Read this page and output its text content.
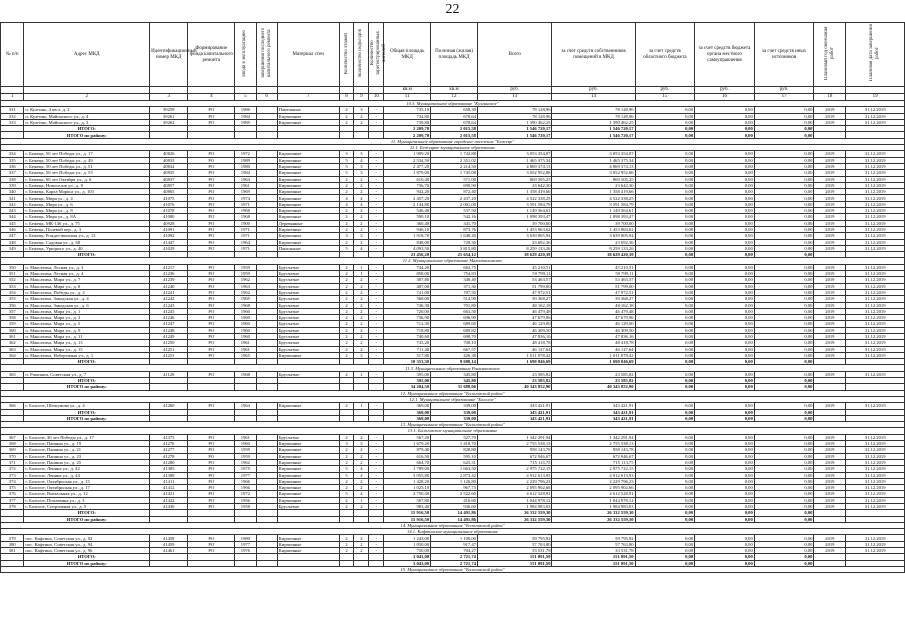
22
№ п/п	Адрес МКД	Идентификационный номер МКД	Формирование фонда капитального ремонта	ввода в эксплуатацию	завершения последнего капитального ремонта	Материал стен	Количество этажей	Количество подъездов	Количество зарегистрированных жителей	Общая площадь МКД	Полезная (жилая) площадь МКД	Всего	за счет средств собственников помещений в МКД	за счет средств областного бюджета	за счет средств бюджета органа местного самоуправления	за счет средств иных источников	Плановый год окончания работ	Плановая дата завершения работ
										кв.м	кв.м	руб.	руб.	руб.	руб.	руб.		
1	2	3	4	5	6	7	8	9	10	11	12	13	14	15	16	17	18	19
10.3. Муниципальное образование "Кулгинское"																		
331	п. Кулгино, 4 кв-л, д. 2	39259	РО	1986		Панельные	2	3	-	735,10	658,30	78 128,96	78 128,96	0,00	0,00	0,00	2019	31.12.2019
332	п. Кулгино, Майонского ул., д. 4	39261	РО	1984		Кирпичные	2	2	-	734,80	678,64	78 128,96	78 128,96	0,00	0,00	0,00	2019	31.12.2019
333	п. Кулгино, Майонского ул., д. 3	39262	РО	1985		Кирпичные	2	2	-	739,80	678,64	1 390 462,25	1 390 462,25	0,00	0,00	0,00	2019	31.12.2019
	ИТОГО:									2 209,70	2 015,58	1 546 720,17	1 546 720,17	0,00	0,00	0,00		
	ИТОГО по району:									2 209,70	2 015,58	1 546 720,17	1 546 720,17	0,00	0,00	0,00		
11. Муниципальное образование городское поселение "Бежецк"																		
11.1. Бежецкое муниципальное образование																		
334	г. Бежецк, 50 лет Победы ул., д. 17	40826	РО	1972		Кирпичные	3	3	-	1 909,20	1 742,88	3 053 354,07	3 053 354,07	0,00	0,00	0,00	2019	31.12.2019
335	г. Бежецк, 50 лет Победы ул., д. 49	40833	РО	1989		Кирпичные	5	4	-	2 534,50	2 351,02	1 465 375,34	1 465 375,34	0,00	0,00	0,00	2019	31.12.2019
336	г. Бежецк, 50 лет Победы ул., д. 51	40834	РО	1980		Кирпичные	5	3	-	2 477,20	2 214,50	4 869 374,13	4 869 374,13	0,00	0,00	0,00	2019	31.12.2019
337	г. Бежецк, 50 лет Победы ул., д. 53	40835	РО	1984		Кирпичные	5	3	-	1 879,00	1 745,08	3 052 952,86	3 052 952,86	0,00	0,00	0,00	2019	31.12.2019
338	г. Бежецк, 60 лет Октября ул., д. 6	40837	РО	1964		Кирпичные	2	2	-	610,40	571,00	869 505,25	869 505,25	0,00	0,00	0,00	2019	31.12.2019
339	г. Бежецк, Новоселов ул., д. 8	40857	РО	1961		Кирпичные	2	2	-	736,70	690,90	23 642,30	23 642,30	0,00	0,00	0,00	2019	31.12.2019
340	г. Бежецк, Карла Маркса ул., д. 103	40865	РО	1969		Кирпичные	2	2	-	932,20	872,40	1 358 419,66	1 358 419,66	0,00	0,00	0,00	2019	31.12.2019
341	г. Бежецк, Мира ул., д. 4	41075	РО	1974		Кирпичные	4	4	-	2 457,20	2 437,20	4 522 338,25	4 522 338,25	0,00	0,00	0,00	2019	31.12.2019
342	г. Бежецк, Мира ул., д. 6	41076	РО	1971		Кирпичные	4	4	-	2 144,80	2 001,00	3 591 584,79	3 591 584,79	0,00	0,00	0,00	2019	31.12.2019
343	г. Бежецк, Мира ул., д. 8	41078	РО	1968		Кирпичные	2	2	-	546,40	537,50	1 149 364,61	1 149 364,61	0,00	0,00	0,00	2019	31.12.2019
344	г. Бежецк, Мира ул., д. 8А	41080	РО	1968		Кирпичные	2	2	-	590,10	542,16	1 098 393,47	1 098 393,47	0,00	0,00	0,00	2019	31.12.2019
345	г. Бежецк, МК-136 ул., д. 75	40928	РО	1900		Деревянные	2	2	-	360,40	341,70	39 700,00	39 700,00	0,00	0,00	0,00	2019	31.12.2019
346	г. Бежецк, Полевой пер., д. 3	41091	РО	1971		Кирпичные	2	2	-	946,10	873,76	1 453 963,62	1 453 963,62	0,00	0,00	0,00	2019	31.12.2019
347	г. Бежецк, Рождественская ул., д. 13	41092	РО	1971		Кирпичные	3	3	-	1 918,70	1 648,20	3 639 805,94	3 639 805,94	0,00	0,00	0,00	2019	31.12.2019
348	г. Бежецк, Садовая ул., д. 68	41447	РО	1964		Кирпичные	2	2	-	848,00	720,30	23 692,36	23 692,36	0,00	0,00	0,00	2019	31.12.2019
349	г. Бежецк, Урицкого ул., д. 40	41029	РО	1971		Панельные	5	4	-	4 093,50	3 815,80	8 259 133,26	8 259 133,26	0,00	0,00	0,00	2019	31.12.2019
	ИТОГО:									23 456,20	21 654,12	38 629 420,39	38 629 420,39	0,00	0,00	0,00		
11.2. Муниципальное образование Максатихинское																		
350	п. Максатиха, Лесная ул., д. 3	41217	РО	1959		Брусчатые	2	1	-	744,20	662,75	45 210,51	45 210,51	0,00	0,00	0,00	2019	31.12.2019
351	п. Максатиха, Лесная ул., д. 4	41236	РО	1959		Брусчатые	2	1	-	858,00	754,83	59 799,11	59 799,11	0,00	0,00	0,00	2019	31.12.2019
352	п. Максатиха, Мира ул., д. 7	41239	РО	1962		Брусчатые	2	2	-	387,80	348,40	53 463,57	53 463,57	0,00	0,00	0,00	2019	31.12.2019
353	п. Максатиха, Мира ул., д. 8	41240	РО	1963		Брусчатые	2	2	-	407,00	371,30	51 799,00	51 799,00	0,00	0,00	0,00	2019	31.12.2019
354	п. Максатиха, Победы ул., д. 2	41241	РО	1962		Брусчатые	2	2	-	741,00	707,50	47 972,51	47 972,51	0,00	0,00	0,00	2019	31.12.2019
355	п. Максатиха, Заводская ул., д. 4	41242	РО	1965		Брусчатые	2	2	-	568,00	514,90	39 368,27	39 368,27	0,00	0,00	0,00	2019	31.12.2019
356	п. Максатиха, Заводская ул., д. 6	41243	РО	1968		Брусчатые	2	2	-	746,30	701,80	48 162,18	48 162,18	0,00	0,00	0,00	2019	31.12.2019
357	п. Максатиха, Мира ул., д. 1	41245	РО	1960		Брусчатые	2	2	-	720,00	663,50	46 479,48	46 479,48	0,00	0,00	0,00	2019	31.12.2019
358	п. Максатиха, Мира ул., д. 3	41246	РО	1960		Брусчатые	2	2	-	736,90	696,90	47 679,96	47 679,96	0,00	0,00	0,00	2019	31.12.2019
359	п. Максатиха, Мира ул., д. 5	41247	РО	1960		Брусчатые	2	2	-	712,30	689,60	46 129,00	46 129,00	0,00	0,00	0,00	2019	31.12.2019
360	п. Максатиха, Мира ул., д. 9	41248	РО	1960		Брусчатые	2	2	-	718,80	689,82	46 309,50	46 309,50	0,00	0,00	0,00	2019	31.12.2019
361	п. Максатиха, Мира ул., д. 11	41249	РО	1960		Брусчатые	2	2	-	740,60	698,70	47 836,16	47 836,16	0,00	0,00	0,00	2019	31.12.2019
362	п. Максатиха, Мира ул., д. 13	41250	РО	1961		Брусчатые	2	2	-	743,20	700,10	48 418,78	48 418,78	0,00	0,00	0,00	2019	31.12.2019
363	п. Максатиха, Мира ул., д. 15	41251	РО	1961		Брусчатые	2	2	-	711,40	667,57	46 127,64	46 127,64	0,00	0,00	0,00	2019	31.12.2019
364	п. Максатиха, Набережная ул., д. 1	41253	РО	1965		Кирпичные	2	3	-	517,80	426,38	1 011 078,42	1 011 078,42	0,00	0,00	0,00	2019	31.12.2019
	ИТОГО:									10 353,30	9 688,14	1 690 846,69	1 690 846,69	0,00	0,00	0,00		
11.3. Муниципальное образование Рамешковское																		
365	п. Рамешки, Советская ул., д. 7	41128	РО	1968		Брусчатые	2	1	-	395,00	345,80	23 585,82	23 585,82	0,00	0,00	0,00	2019	31.12.2019
	ИТОГО:									395,00	345,80	23 585,82	23 585,82	0,00	0,00	0,00		
	ИТОГО по району:									34 204,50	31 688,06	40 343 852,90	40 343 852,90	0,00	0,00	0,00		
12. Муниципальное образование "Бологовский район"																		
12.1. Муниципальное образование "Бологое"																		
366	г. Бологое, Шешумова ул., д. 4	41260	РО	1964		Кирпичные	2	1	-	369,00	339,00	343 421,91	343 421,91	0,00	0,00	0,00	2019	31.12.2019
	ИТОГО:									369,00	339,00	343 421,91	343 421,91	0,00	0,00	0,00		
	ИТОГО по району:									369,00	339,00	343 421,91	343 421,91	0,00	0,00	0,00		
13. Муниципальное образование "Бологовский район"																		
13.1. Бологовское муниципальное образование																		
367	г. Бологое, 30 лет Победы ул., д. 17	41375	РО	1961		Брусчатые	2	2	-	567,20	527,70	1 342 291,94	1 342 291,94	0,00	0,00	0,00	2019	31.12.2019
368	г. Бологое, Пашина ул., д. 19	41276	РО	1960		Кирпичные	3	3	-	1 679,20	1 418,70	2 755 538,13	2 755 538,13	0,00	0,00	0,00	2019	31.12.2019
369	г. Бологое, Пашина ул., д. 21	41277	РО	1959		Кирпичные	2	2	-	879,40	828,80	958 143,78	958 143,78	0,00	0,00	0,00	2019	31.12.2019
370	г. Бологое, Пашина ул., д. 23	41278	РО	1959		Кирпичные	2	2	-	616,50	595,10	672 946,67	672 946,67	0,00	0,00	0,00	2019	31.12.2019
371	г. Бологое, Пашина ул., д. 25	41280	РО	1962		Кирпичные	2	2	-	664,70	625,31	715 113,75	715 113,75	0,00	0,00	0,00	2019	31.12.2019
372	г. Бологое, Ленина ул., д. 42	41385	РО	1975		Кирпичные	5	4	-	1 789,00	1 663,50	2 975 722,15	2 975 722,15	0,00	0,00	0,00	2019	31.12.2019
373	г. Бологое, Ленина ул., д. 44	41388	РО	1977		Кирпичные	5	4	-	3 055,80	2 873,42	4 912 613,93	4 912 613,93	0,00	0,00	0,00	2019	31.12.2019
374	г. Бологое, Октябрьская ул., д. 15	41411	РО	1966		Кирпичные	2	2	-	1 428,20	1 126,80	2 229 796,23	2 229 796,23	0,00	0,00	0,00	2019	31.12.2019
375	г. Бологое, Октябрьская ул., д. 17	41412	РО	1966		Кирпичные	2	2	-	1 025,10	967,73	2 095 902,66	2 095 902,66	0,00	0,00	0,00	2019	31.12.2019
376	г. Бологое, Вокзальная ул., д. 12	41421	РО	1972		Кирпичные	5	4	-	2 750,40	2 522,60	4 612 528,91	4 612 528,91	0,00	0,00	0,00	2019	31.12.2019
377	г. Бологое, Поплевина ул., д. 3	41422	РО	1956		Кирпичные	2	1	-	567,80	416,60	1 044 978,12	1 044 978,12	0,00	0,00	0,00	2019	31.12.2019
378	г. Бологое, Спортивная ул., д. 5	41430	РО	1958		Брусчатые	2	2	-	983,40	936,60	1 984 983,03	1 984 983,03	0,00	0,00	0,00	2019	31.12.2019
	ИТОГО:									15 916,50	14 491,86	26 332 559,30	26 332 559,30	0,00	0,00	0,00		
	ИТОГО по району:									15 916,50	14 491,86	26 332 559,30	26 332 559,30	0,00	0,00	0,00		
14. Муниципальное образование "Бологовский район"																		
14.1. Кафтинское муниципальное образование																		
379	пос. Кафтино, Советская ул., д. 92	41458	РО	1980		Кирпичные	2	2	-	1 243,00	1 100,00	59 795,92	59 795,92	0,00	0,00	0,00	2019	31.12.2019
380	пос. Кафтино, Советская ул., д. 94	41459	РО	1977		Кирпичные	2	2	-	1 050,00	917,47	57 763,80	57 763,80	0,00	0,00	0,00	2019	31.12.2019
381	пос. Кафтино, Советская ул., д. 96	41461	РО	1976		Кирпичные	2	2	-	750,00	704,27	33 531,78	33 531,78	0,00	0,00	0,00	2019	31.12.2019
	ИТОГО:									3 043,00	2 721,74	151 091,50	151 091,50	0,00	0,00	0,00		
	ИТОГО по району:									3 043,00	2 721,74	151 091,50	151 091,50	0,00	0,00	0,00		
15. Муниципальное образование "Бологовский район"																		
